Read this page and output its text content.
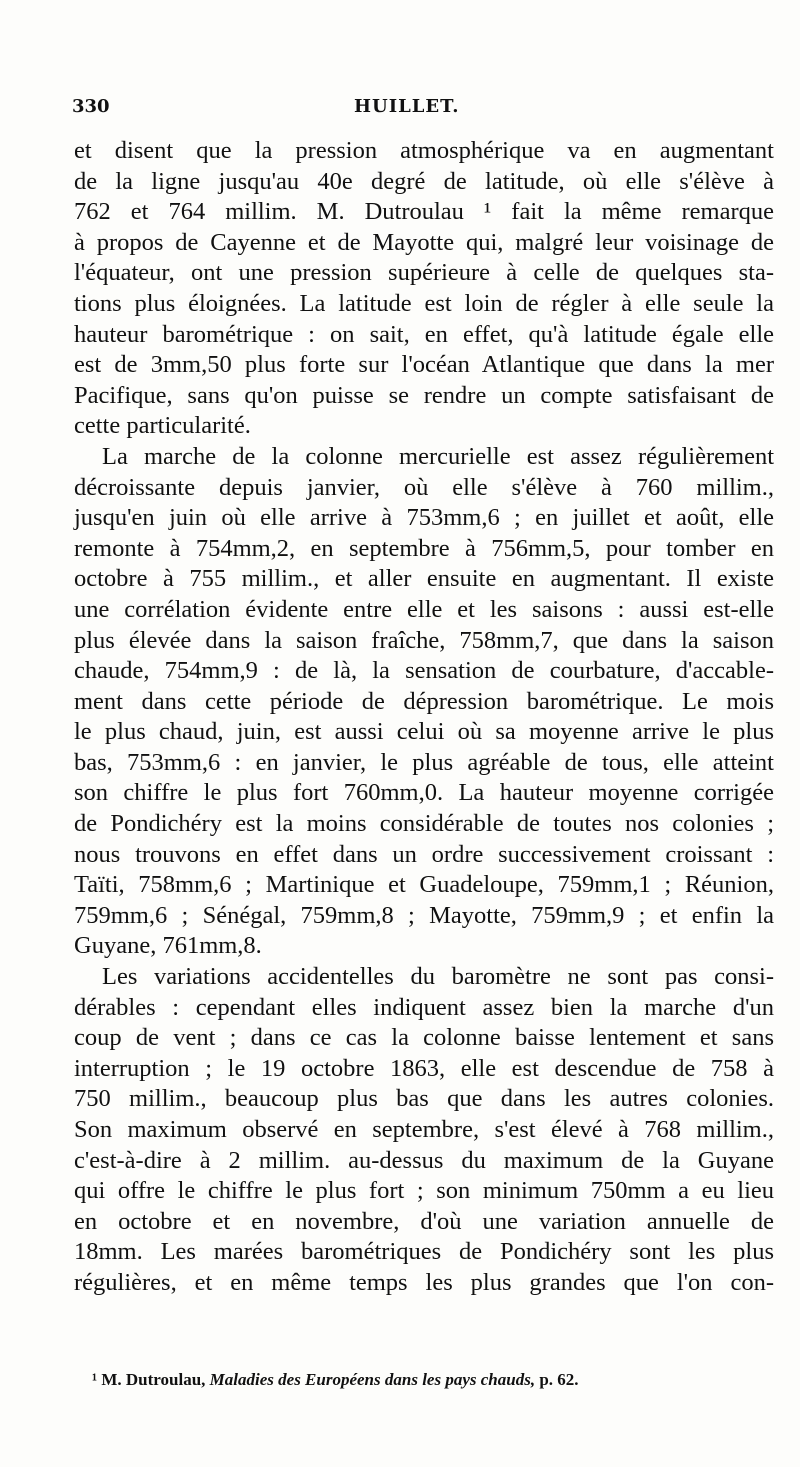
330	HUILLET.
et disent que la pression atmosphérique va en augmentant
de la ligne jusqu'au 40e degré de latitude, où elle s'élève à
762 et 764 millim. M. Dutroulau ¹ fait la même remarque
à propos de Cayenne et de Mayotte qui, malgré leur voisinage de
l'équateur, ont une pression supérieure à celle de quelques sta-
tions plus éloignées. La latitude est loin de régler à elle seule la
hauteur barométrique : on sait, en effet, qu'à latitude égale elle
est de 3mm,50 plus forte sur l'océan Atlantique que dans la mer
Pacifique, sans qu'on puisse se rendre un compte satisfaisant de
cette particularité.
La marche de la colonne mercurielle est assez régulièrement
décroissante depuis janvier, où elle s'élève à 760 millim.,
jusqu'en juin où elle arrive à 753mm,6 ; en juillet et août, elle
remonte à 754mm,2, en septembre à 756mm,5, pour tomber en
octobre à 755 millim., et aller ensuite en augmentant. Il existe
une corrélation évidente entre elle et les saisons : aussi est-elle
plus élevée dans la saison fraîche, 758mm,7, que dans la saison
chaude, 754mm,9 : de là, la sensation de courbature, d'accable-
ment dans cette période de dépression barométrique. Le mois
le plus chaud, juin, est aussi celui où sa moyenne arrive le plus
bas, 753mm,6 : en janvier, le plus agréable de tous, elle atteint
son chiffre le plus fort 760mm,0. La hauteur moyenne corrigée
de Pondichéry est la moins considérable de toutes nos colonies ;
nous trouvons en effet dans un ordre successivement croissant :
Taïti, 758mm,6 ; Martinique et Guadeloupe, 759mm,1 ; Réunion,
759mm,6 ; Sénégal, 759mm,8 ; Mayotte, 759mm,9 ; et enfin la
Guyane, 761mm,8.
Les variations accidentelles du baromètre ne sont pas consi-
dérables : cependant elles indiquent assez bien la marche d'un
coup de vent ; dans ce cas la colonne baisse lentement et sans
interruption ; le 19 octobre 1863, elle est descendue de 758 à
750 millim., beaucoup plus bas que dans les autres colonies.
Son maximum observé en septembre, s'est élevé à 768 millim.,
c'est-à-dire à 2 millim. au-dessus du maximum de la Guyane
qui offre le chiffre le plus fort ; son minimum 750mm a eu lieu
en octobre et en novembre, d'où une variation annuelle de
18mm. Les marées barométriques de Pondichéry sont les plus
régulières, et en même temps les plus grandes que l'on con-
¹ M. Dutroulau, Maladies des Européens dans les pays chauds, p. 62.
